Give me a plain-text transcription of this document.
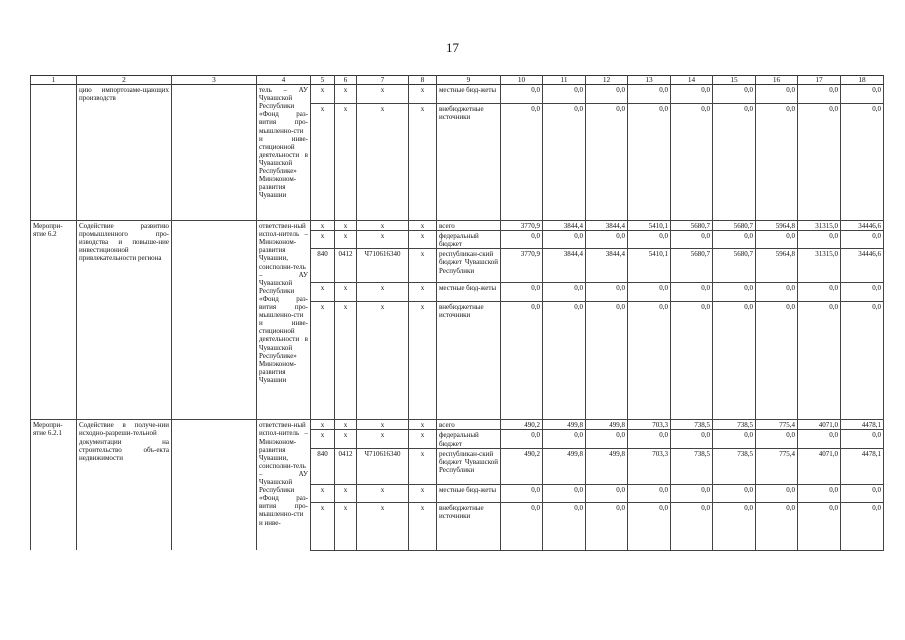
17
1	2	3	4	5	6	7	8	9	10	11	12	13	14	15	16	17	18
	цию импортозаме-щающих производств		тель – АУ Чувашской Республики «Фонд раз-вития про-мышленно-сти и инве-стиционной деятельности в Чувашской Республике» Минэконом-развития Чувашии	x	x	x	x	местные бюд-жеты	0,0	0,0	0,0	0,0	0,0	0,0	0,0	0,0	0,0
				x	x	x	x	внебюджетные источники	0,0	0,0	0,0	0,0	0,0	0,0	0,0	0,0	0,0
Меропри-ятие 6.2	Содействие развитию промышленного про-изводства и повыше-ние инвестиционной привлекательности региона		ответствен-ный испол-нитель – Минэконом-развития Чувашии, соисполни-тель – АУ Чувашской Республики «Фонд раз-вития про-мышленно-сти и инве-стиционной деятельности в Чувашской Республике» Минэконом-развития Чувашии	x	x	x	x	всего	3770,9	3844,4	3844,4	5410,1	5680,7	5680,7	5964,8	31315,0	34446,6
				x	x	x	x	федеральный бюджет	0,0	0,0	0,0	0,0	0,0	0,0	0,0	0,0	0,0
				840	0412	Ч710616340	x	республикан-ский бюджет Чувашской Республики	3770,9	3844,4	3844,4	5410,1	5680,7	5680,7	5964,8	31315,0	34446,6
				x	x	x	x	местные бюд-жеты	0,0	0,0	0,0	0,0	0,0	0,0	0,0	0,0	0,0
				x	x	x	x	внебюджетные источники	0,0	0,0	0,0	0,0	0,0	0,0	0,0	0,0	0,0
Меропри-ятие 6.2.1	Содействие в получе-нии исходно-разреши-тельной документации на строительство объ-екта недвижимости		ответствен-ный испол-нитель – Минэконом-развития Чувашии, соисполни-тель – АУ Чувашской Республики «Фонд раз-вития про-мышленно-сти и инве-	x	x	x	x	всего	490,2	499,8	499,8	703,3	738,5	738,5	775,4	4071,0	4478,1
				x	x	x	x	федеральный бюджет	0,0	0,0	0,0	0,0	0,0	0,0	0,0	0,0	0,0
				840	0412	Ч710616340	x	республикан-ский бюджет Чувашской Республики	490,2	499,8	499,8	703,3	738,5	738,5	775,4	4071,0	4478,1
				x	x	x	x	местные бюд-жеты	0,0	0,0	0,0	0,0	0,0	0,0	0,0	0,0	0,0
				x	x	x	x	внебюджетные источники	0,0	0,0	0,0	0,0	0,0	0,0	0,0	0,0	0,0
